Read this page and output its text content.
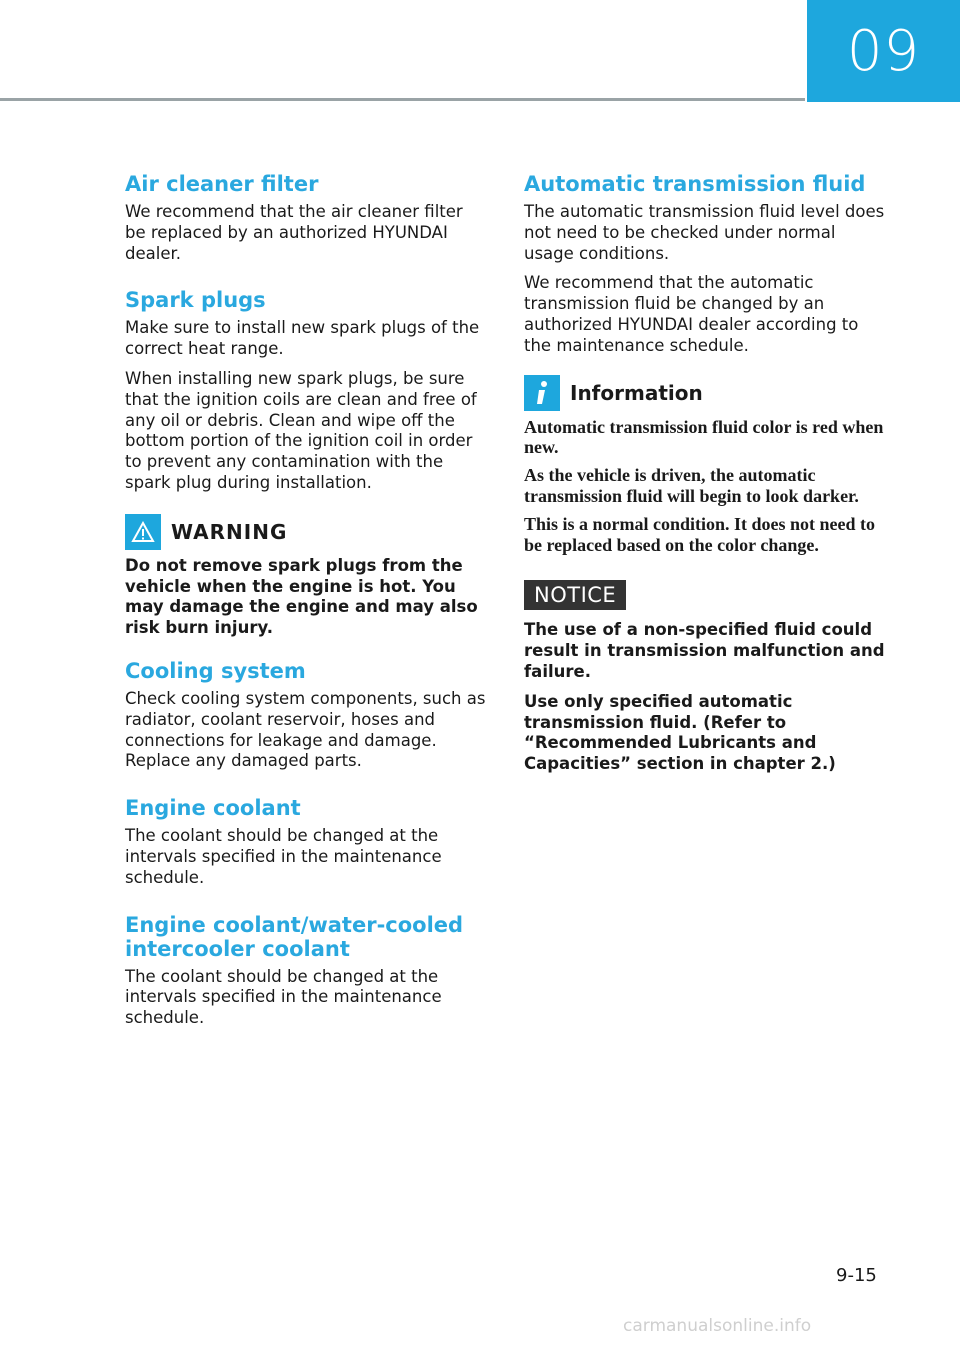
09
Air cleaner filter

We recommend that the air cleaner filter be replaced by an authorized HYUNDAI dealer.

Spark plugs

Make sure to install new spark plugs of the correct heat range.

When installing new spark plugs, be sure that the ignition coils are clean and free of any oil or debris. Clean and wipe off the bottom portion of the ignition coil in order to prevent any contamination with the spark plug during installation.

WARNING

Do not remove spark plugs from the vehicle when the engine is hot. You may damage the engine and may also risk burn injury.

Cooling system

Check cooling system components, such as radiator, coolant reservoir, hoses and connections for leakage and damage. Replace any damaged parts.

Engine coolant

The coolant should be changed at the intervals specified in the maintenance schedule.

Engine coolant/water-cooled intercooler coolant

The coolant should be changed at the intervals specified in the maintenance schedule.

Automatic transmission fluid

The automatic transmission fluid level does not need to be checked under normal usage conditions.

We recommend that the automatic transmission fluid be changed by an authorized HYUNDAI dealer according to the maintenance schedule.

Information

Automatic transmission fluid color is red when new.

As the vehicle is driven, the automatic transmission fluid will begin to look darker.

This is a normal condition. It does not need to be replaced based on the color change.

NOTICE

The use of a non-specified fluid could result in transmission malfunction and failure.

Use only specified automatic transmission fluid. (Refer to “Recommended Lubricants and Capacities” section in chapter 2.)

9-15
carmanualsonline.info
